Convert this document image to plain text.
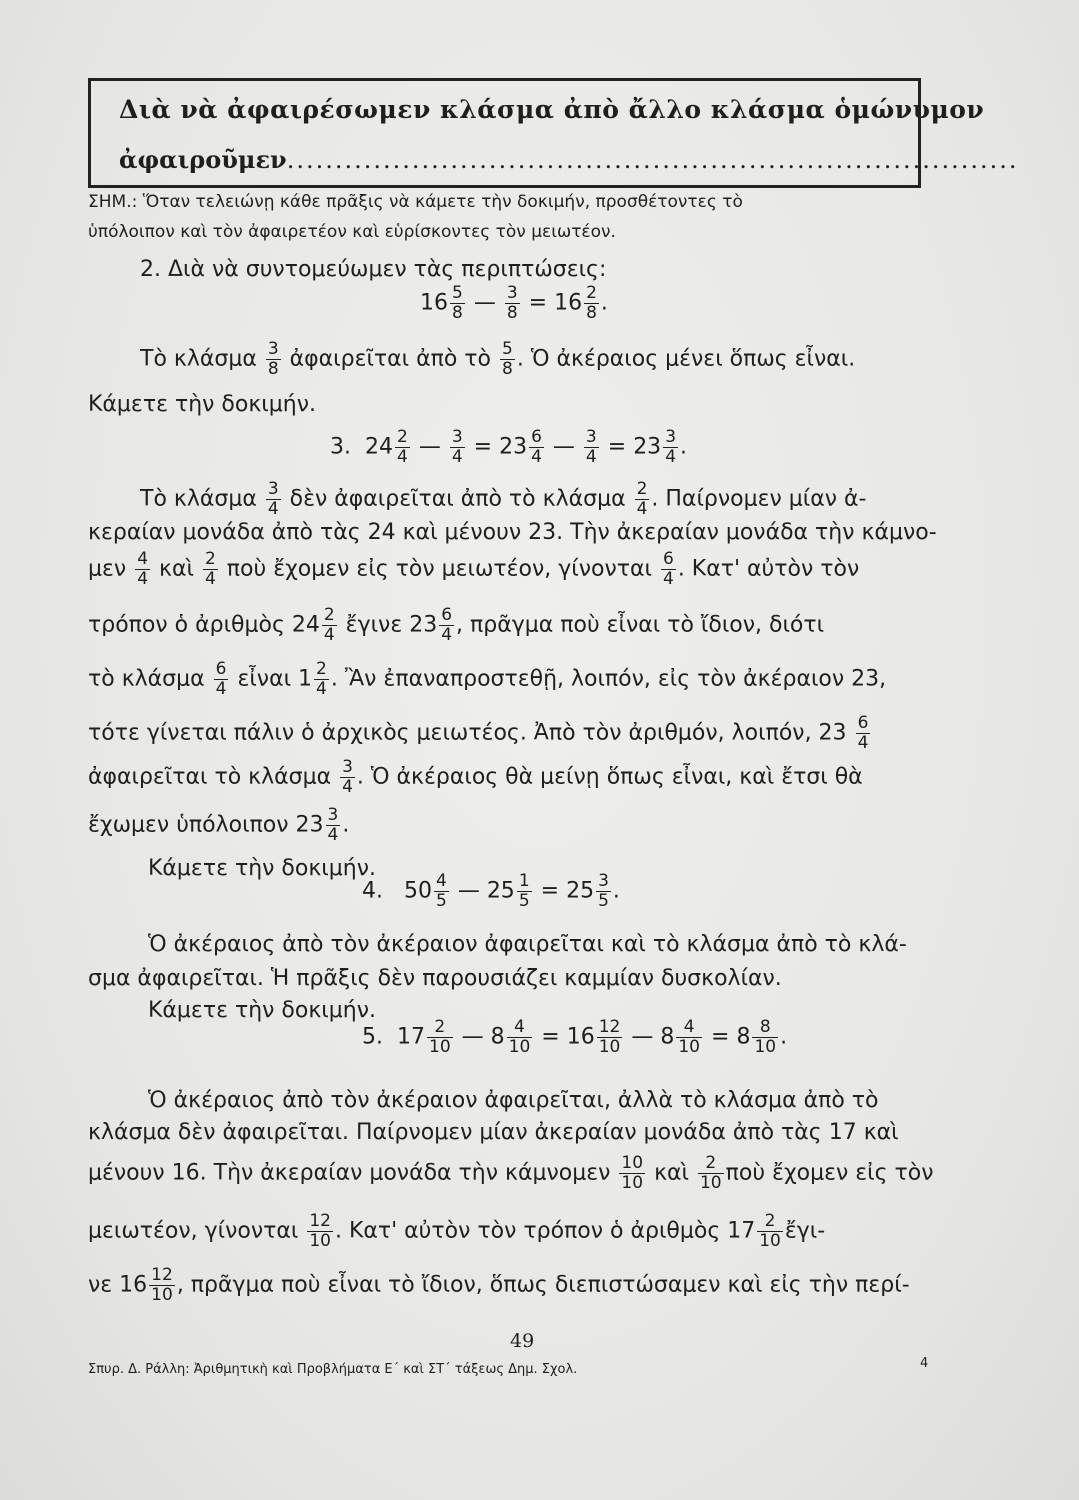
Διὰ νὰ ἀφαιρέσωμεν κλάσμα ἀπὸ ἄλλο κλάσμα ὁμώνυμον
ἀφαιροῦμεν............................................................................
ΣΗΜ.: Ὅταν τελειώνῃ κάθε πρᾶξις νὰ κάμετε τὴν δοκιμήν, προσθέτοντες τὸ
ὑπόλοιπον καὶ τὸν ἀφαιρετέον καὶ εὑρίσκοντες τὸν μειωτέον.
2. Διὰ νὰ συντομεύωμεν τὰς περιπτώσεις:
$16 \frac{5}{8}$ — $\frac{3}{8} = 16 \frac{2}{8}$ .
Τὸ κλάσμα $\frac{3}{8}$ ἀφαιρεῖται ἀπὸ τὸ $\frac{5}{8}$ . Ὁ ἀκέραιος μένει ὅπως εἶναι.
Κάμετε τὴν δοκιμήν.
3. $24 \frac{2}{4}$ — $\frac{3}{4} = 23 \frac{6}{4}$ — $\frac{3}{4} = 23 \frac{3}{4}$ .
Τὸ κλάσμα $\frac{3}{4}$ δὲν ἀφαιρεῖται ἀπὸ τὸ κλάσμα $\frac{2}{4}$ . Παίρνομεν μίαν ἀ-
κεραίαν μονάδα ἀπὸ τὰς 24 καὶ μένουν 23. Τὴν ἀκεραίαν μονάδα τὴν κάμνο-
μεν $\frac{4}{4}$ καὶ $\frac{2}{4}$ ποὺ ἔχομεν εἰς τὸν μειωτέον, γίνονται $\frac{6}{4}$ . Κατ' αὐτὸν τὸν
τρόπον ὁ ἀριθμὸς $24 \frac{2}{4}$ ἔγινε $23 \frac{6}{4}$ , πρᾶγμα ποὺ εἶναι τὸ ἴδιον, διότι
τὸ κλάσμα $\frac{6}{4}$ εἶναι $1 \frac{2}{4}$ . Ἂν ἐπαναπροστεθῇ, λοιπόν, εἰς τὸν ἀκέραιον 23,
τότε γίνεται πάλιν ὁ ἀρχικὸς μειωτέος. Ἀπὸ τὸν ἀριθμόν, λοιπόν, $23 \frac{6}{4}$
ἀφαιρεῖται τὸ κλάσμα $\frac{3}{4}$ . Ὁ ἀκέραιος θὰ μείνῃ ὅπως εἶναι, καὶ ἔτσι θὰ
ἔχωμεν ὑπόλοιπον $23 \frac{3}{4}$ .
Κάμετε τὴν δοκιμήν.
4. $50 \frac{4}{5}$ — $25 \frac{1}{5} = 25 \frac{3}{5}$ .
Ὁ ἀκέραιος ἀπὸ τὸν ἀκέραιον ἀφαιρεῖται καὶ τὸ κλάσμα ἀπὸ τὸ κλά-
σμα ἀφαιρεῖται. Ἡ πρᾶξις δὲν παρουσιάζει καμμίαν δυσκολίαν.
Κάμετε τὴν δοκιμήν.
5. $17 \frac{2}{10}$ — $8 \frac{4}{10} = 16 \frac{12}{10}$ — $8 \frac{4}{10} = 8 \frac{8}{10}$ .
Ὁ ἀκέραιος ἀπὸ τὸν ἀκέραιον ἀφαιρεῖται, ἀλλὰ τὸ κλάσμα ἀπὸ τὸ
κλάσμα δὲν ἀφαιρεῖται. Παίρνομεν μίαν ἀκεραίαν μονάδα ἀπὸ τὰς 17 καὶ
μένουν 16. Τὴν ἀκεραίαν μονάδα τὴν κάμνομεν $\frac{10}{10}$ καὶ $\frac{2}{10}$ ποὺ ἔχομεν εἰς τὸν
μειωτέον, γίνονται $\frac{12}{10}$ . Κατ' αὐτὸν τὸν τρόπον ὁ ἀριθμὸς $17 \frac{2}{10}$ ἔγι-
νε $16 \frac{12}{10}$ , πρᾶγμα ποὺ εἶναι τὸ ἴδιον, ὅπως διεπιστώσαμεν καὶ εἰς τὴν περί-
49
Σπυρ. Δ. Ράλλη: Ἀριθμητικὴ καὶ Προβλήματα Ε΄ καὶ ΣΤ΄ τάξεως Δημ. Σχολ.	4
